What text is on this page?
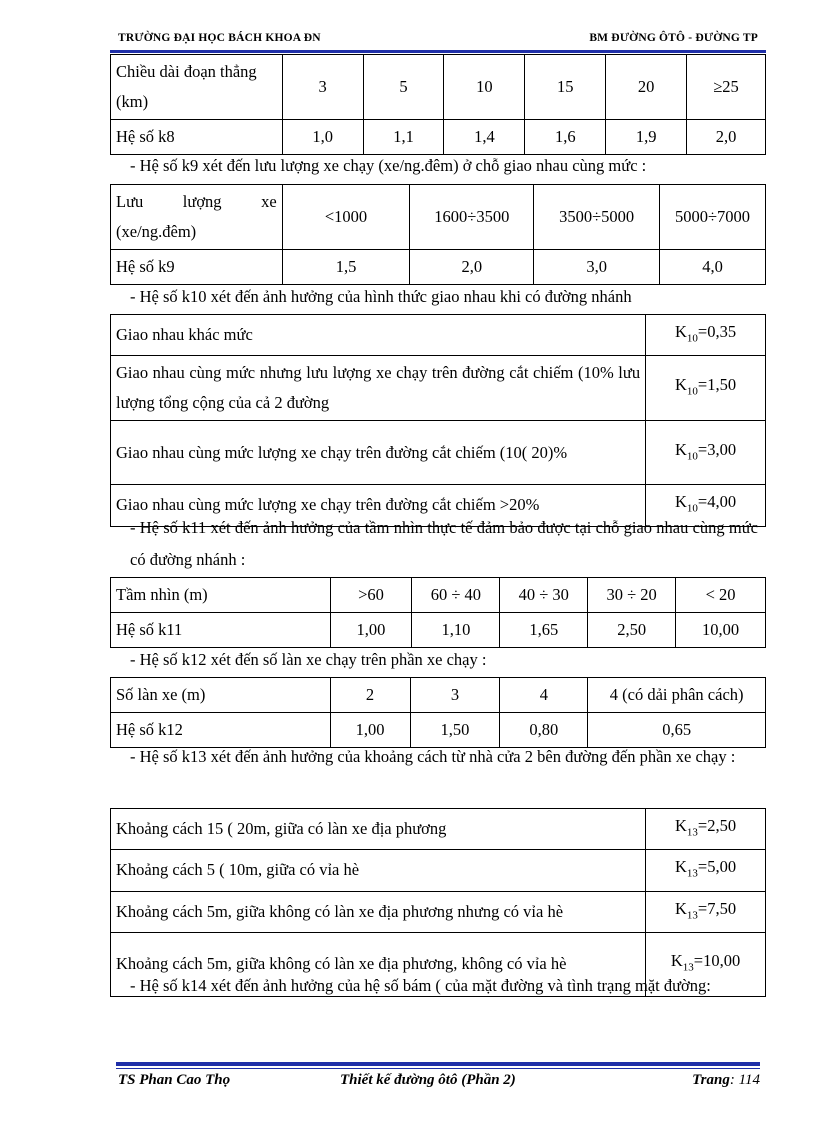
TRƯỜNG ĐẠI HỌC BÁCH KHOA ĐN	BM ĐƯỜNG ÔTÔ - ĐƯỜNG TP
Chiều dài đoạn thẳng (km)	3	5	10	15	20	≥25
Hệ số k8	1,0	1,1	1,4	1,6	1,9	2,0
- Hệ số k9 xét đến lưu lượng xe chạy (xe/ng.đêm) ở chỗ giao nhau cùng mức :
Lưu lượng xe (xe/ng.đêm)	<1000	1600÷3500	3500÷5000	5000÷7000
Hệ số k9	1,5	2,0	3,0	4,0
- Hệ số k10 xét đến ảnh hưởng của hình thức giao nhau khi có đường nhánh
Giao nhau khác mức	$K_{10}=0,35$
Giao nhau cùng mức nhưng lưu lượng xe chạy trên đường cắt chiếm (10% lưu lượng tổng cộng của cả 2 đường	$K_{10}=1,50$
Giao nhau cùng mức lượng xe chạy trên đường cắt chiếm (10( 20)%	$K_{10}=3,00$
Giao nhau cùng mức lượng xe chạy trên đường cắt chiếm >20%	$K_{10}=4,00$
- Hệ số k11 xét đến ảnh hưởng của tầm nhìn thực tế đảm bảo được tại chỗ giao nhau cùng mức có đường nhánh :
Tầm nhìn (m)	>60	60 ÷ 40	40 ÷ 30	30 ÷ 20	< 20
Hệ số k11	1,00	1,10	1,65	2,50	10,00
- Hệ số k12 xét đến số làn xe chạy trên phần xe chạy :
Số làn xe (m)	2	3	4	4 (có dải phân cách)
Hệ số k12	1,00	1,50	0,80	0,65
- Hệ số k13 xét đến ảnh hưởng của khoảng cách từ nhà cửa 2 bên đường đến phần xe chạy :
Khoảng cách 15 ( 20m, giữa có làn xe địa phương	$K_{13}=2,50$
Khoảng cách 5 ( 10m, giữa có vỉa hè	$K_{13}=5,00$
Khoảng cách 5m, giữa không có làn xe địa phương nhưng có vỉa hè	$K_{13}=7,50$
Khoảng cách 5m, giữa không có làn xe địa phương, không có vỉa hè	$K_{13}=10,00$
- Hệ số k14 xét đến ảnh hưởng của hệ số bám ( của mặt đường và tình trạng mặt đường:
TS Phan Cao Thọ	Thiết kế đường ôtô (Phần 2)	Trang: 114
